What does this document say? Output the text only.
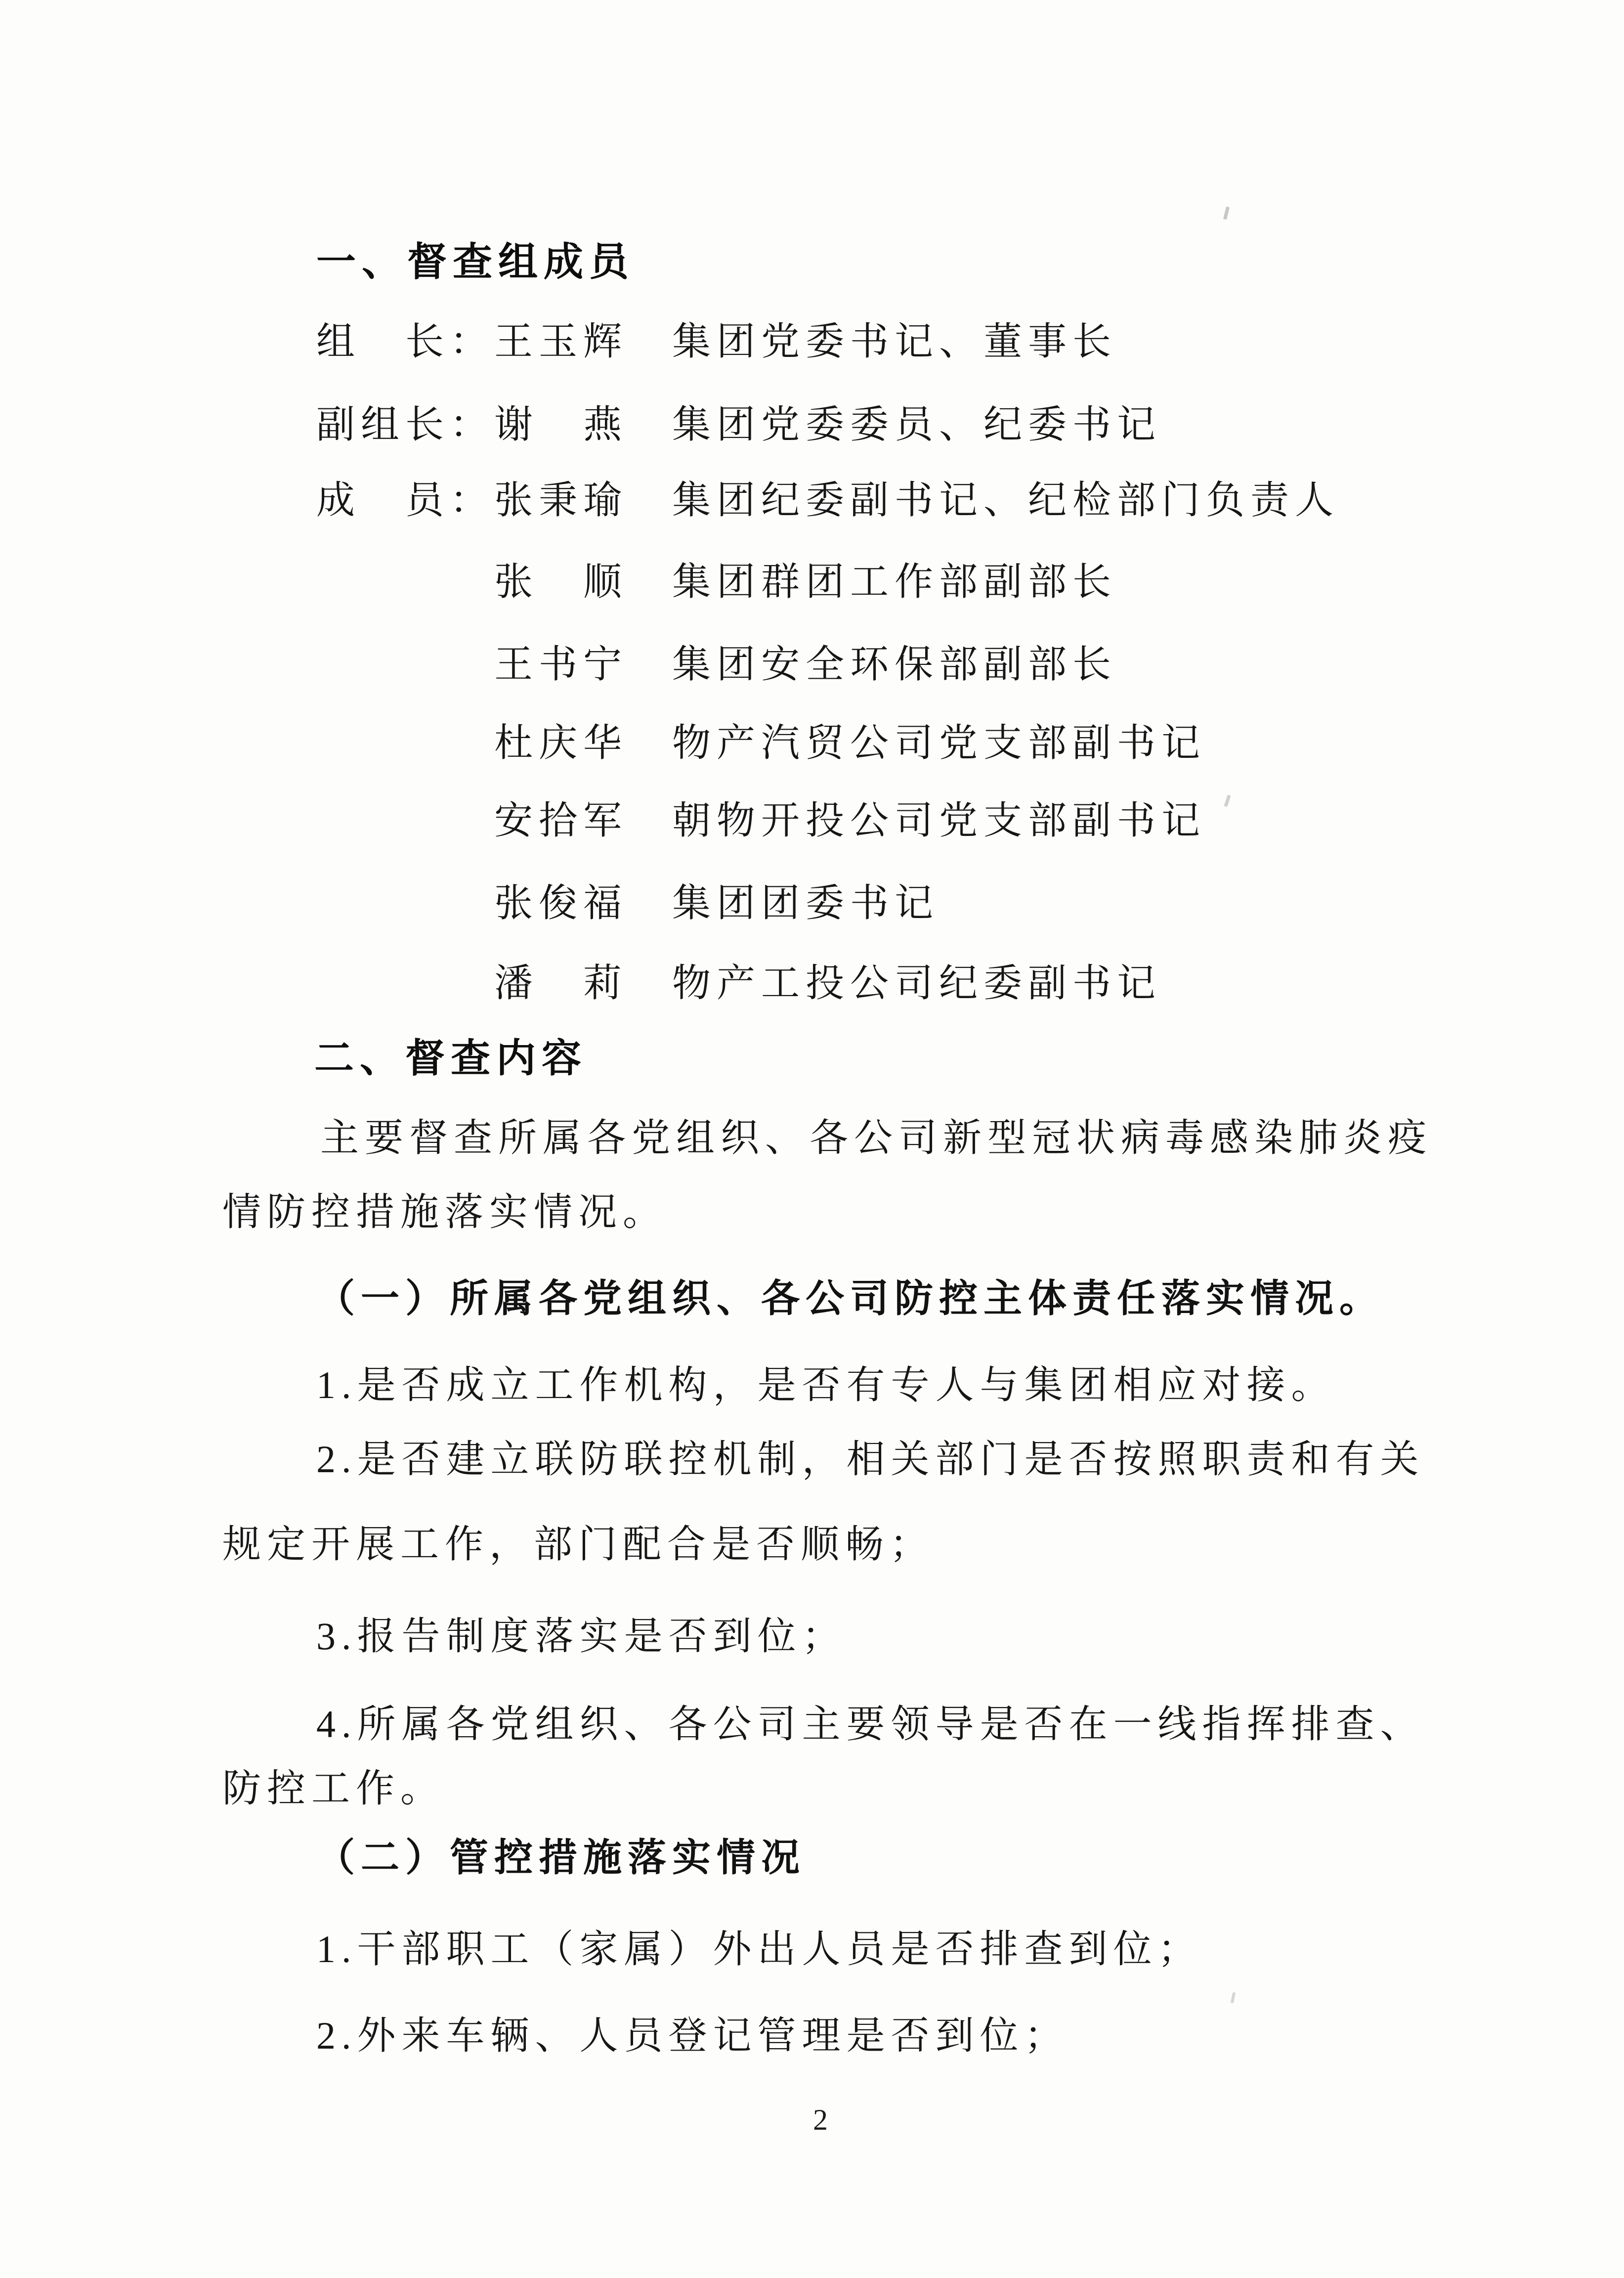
一、督查组成员
组　长： 王玉辉	集团党委书记、董事长
副组长： 谢　燕	集团党委委员、纪委书记
成　员： 张秉瑜	集团纪委副书记、纪检部门负责人
张　顺	集团群团工作部副部长
王书宁	集团安全环保部副部长
杜庆华	物产汽贸公司党支部副书记
安拾军	朝物开投公司党支部副书记
张俊福	集团团委书记
潘　莉	物产工投公司纪委副书记
二、督查内容
主要督查所属各党组织、各公司新型冠状病毒感染肺炎疫
情防控措施落实情况。
（一）所属各党组织、各公司防控主体责任落实情况。
1.是否成立工作机构，是否有专人与集团相应对接。
2.是否建立联防联控机制，相关部门是否按照职责和有关
规定开展工作，部门配合是否顺畅；
3.报告制度落实是否到位；
4.所属各党组织、各公司主要领导是否在一线指挥排查、
防控工作。
（二）管控措施落实情况
1.干部职工（家属）外出人员是否排查到位；
2.外来车辆、人员登记管理是否到位；
2
